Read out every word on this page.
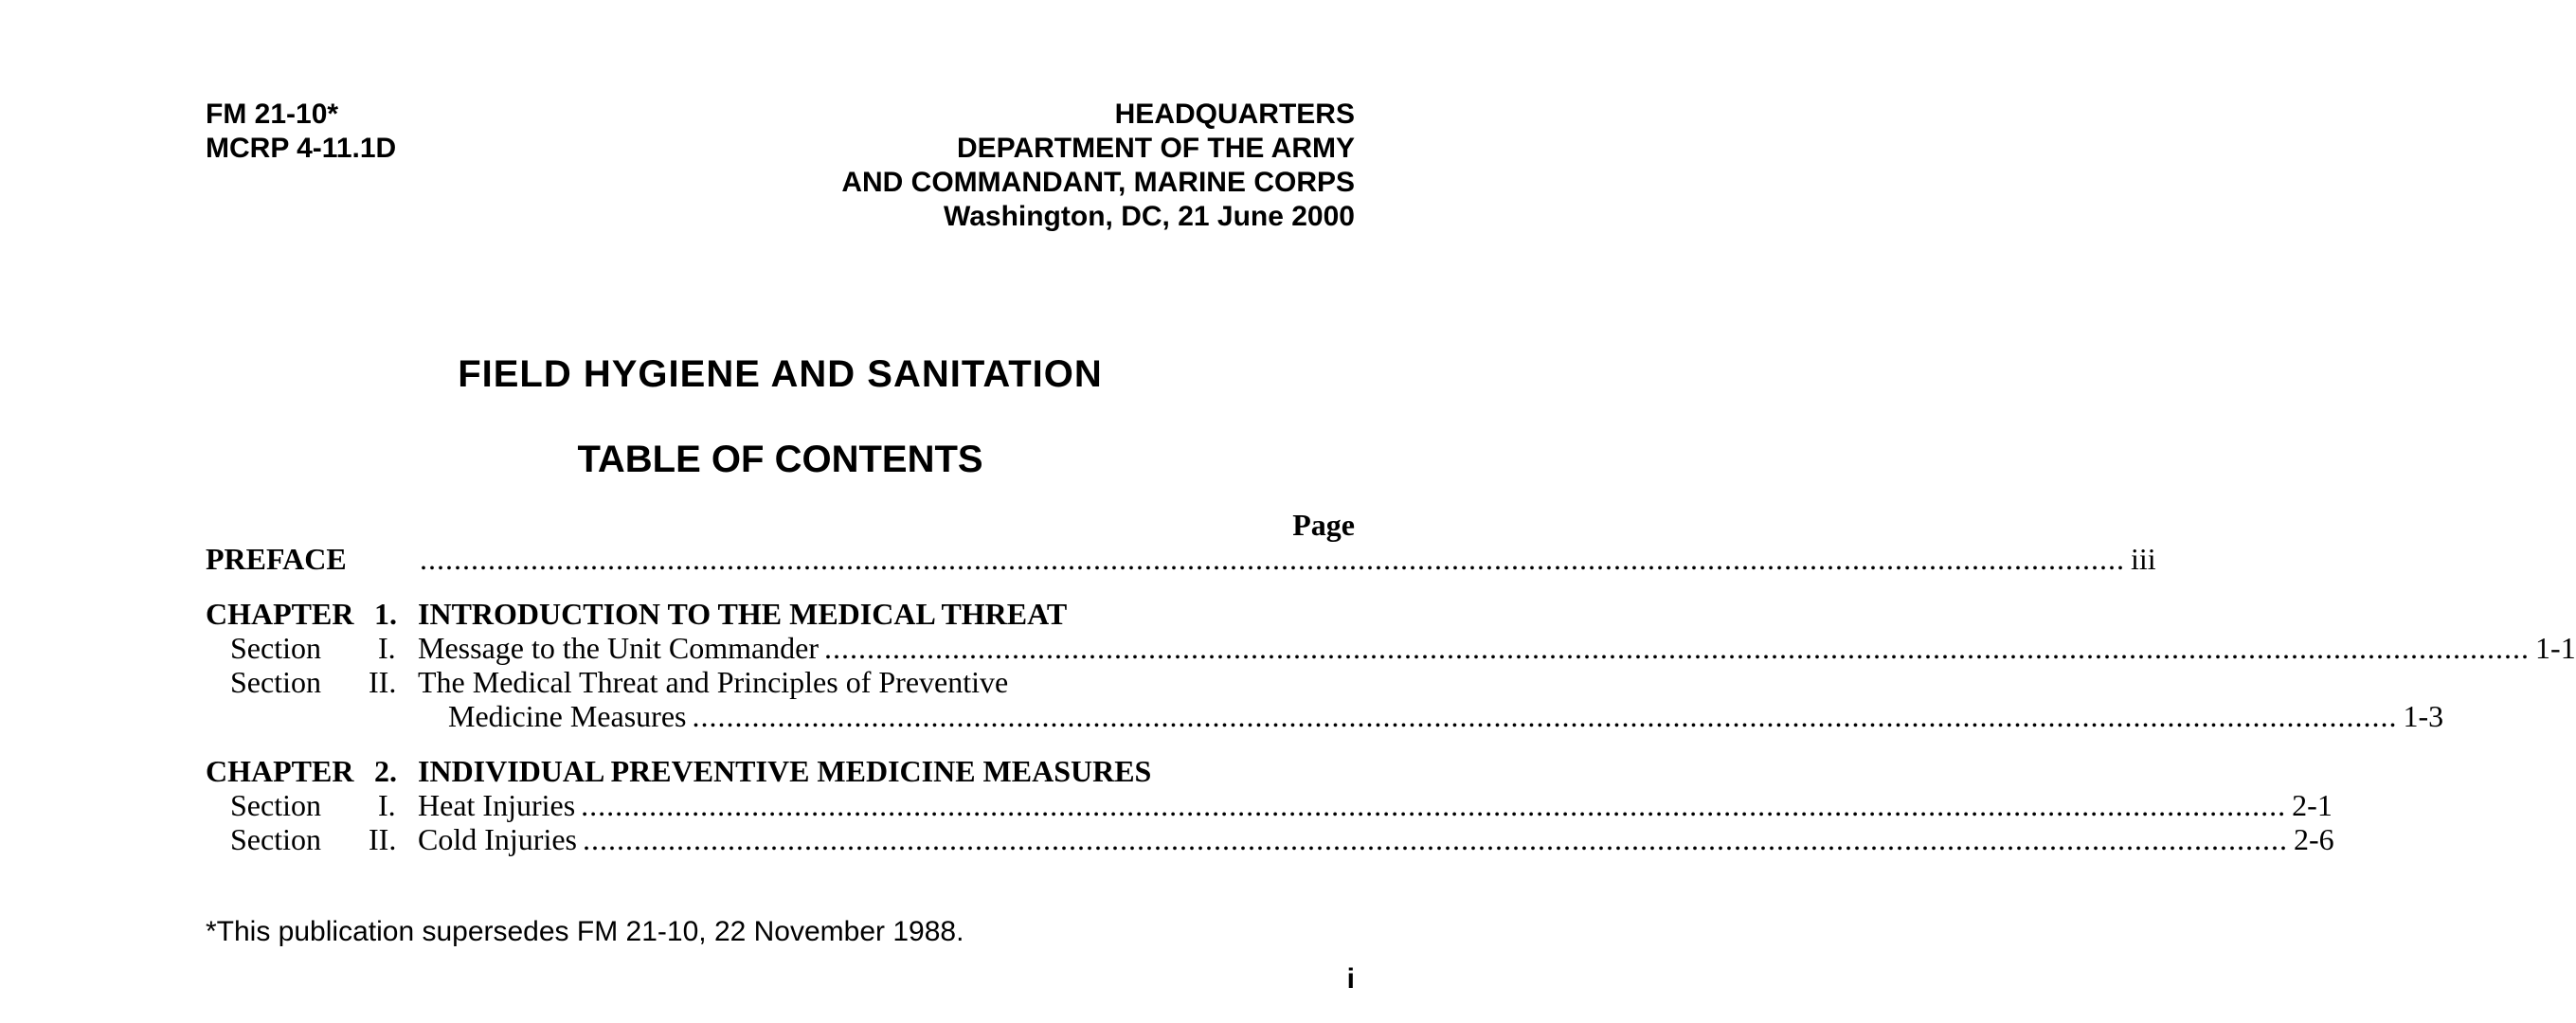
FM 21-10*
MCRP 4-11.1D
HEADQUARTERS
DEPARTMENT OF THE ARMY
AND COMMANDANT, MARINE CORPS
Washington, DC, 21 June 2000
FIELD HYGIENE AND SANITATION
TABLE OF CONTENTS
Page
PREFACE ........................................................................................................................................................................................................ iii
CHAPTER 1. INTRODUCTION TO THE MEDICAL THREAT
Section I. Message to the Unit Commander ........................................................................................................................................................................................................ 1-1
Section II. The Medical Threat and Principles of Preventive
Medicine Measures ........................................................................................................................................................................................................ 1-3
CHAPTER 2. INDIVIDUAL PREVENTIVE MEDICINE MEASURES
Section I. Heat Injuries ........................................................................................................................................................................................................ 2-1
Section II. Cold Injuries ........................................................................................................................................................................................................ 2-6
*This publication supersedes FM 21-10, 22 November 1988.
i
